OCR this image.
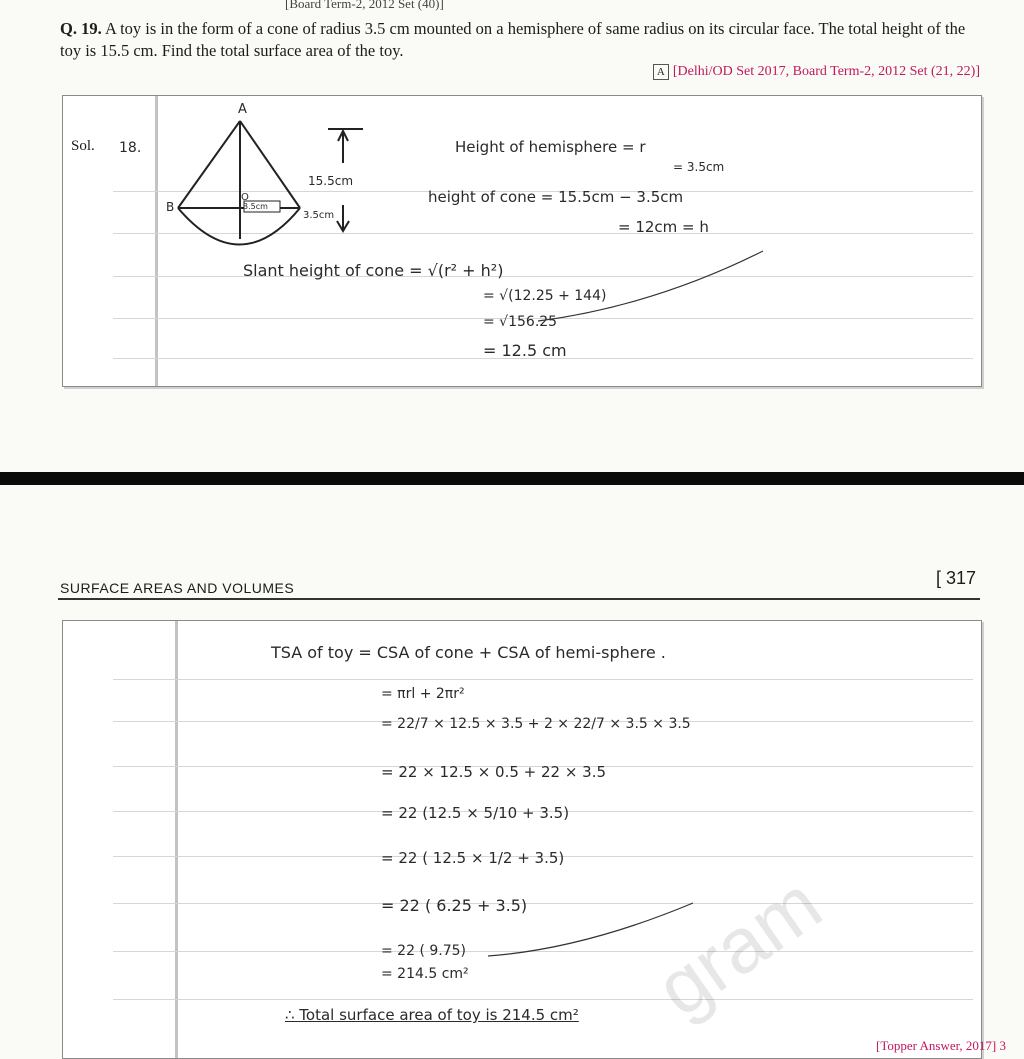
[Board Term-2, 2012 Set (40)]
Q. 19. A toy is in the form of a cone of radius 3.5 cm mounted on a hemisphere of same radius on its circular face. The total height of the toy is 15.5 cm. Find the total surface area of the toy.
A [Delhi/OD Set 2017, Board Term-2, 2012 Set (21, 22)]
Sol. 18.
A
B
O
3.5cm
15.5cm
3.5cm
Height of hemisphere = r
= 3.5cm
height of cone = 15.5cm − 3.5cm
= 12cm = h
Slant height of cone = √(r² + h²)
= √(12.25 + 144)
= √156.25
= 12.5 cm
SURFACE AREAS AND VOLUMES	[ 317
TSA of toy = CSA of cone + CSA of hemi-sphere .
= πrl + 2πr²
= 22/7 × 12.5 × 3.5 + 2 × 22/7 × 3.5 × 3.5
= 22 × 12.5 × 0.5 + 22 × 3.5
= 22 (12.5 × 5/10 + 3.5)
= 22 ( 12.5 × 1/2 + 3.5)
= 22 ( 6.25 + 3.5)
= 22 ( 9.75)
= 214.5 cm²
∴ Total surface area of toy is 214.5 cm² gram
[Topper Answer, 2017] 3
